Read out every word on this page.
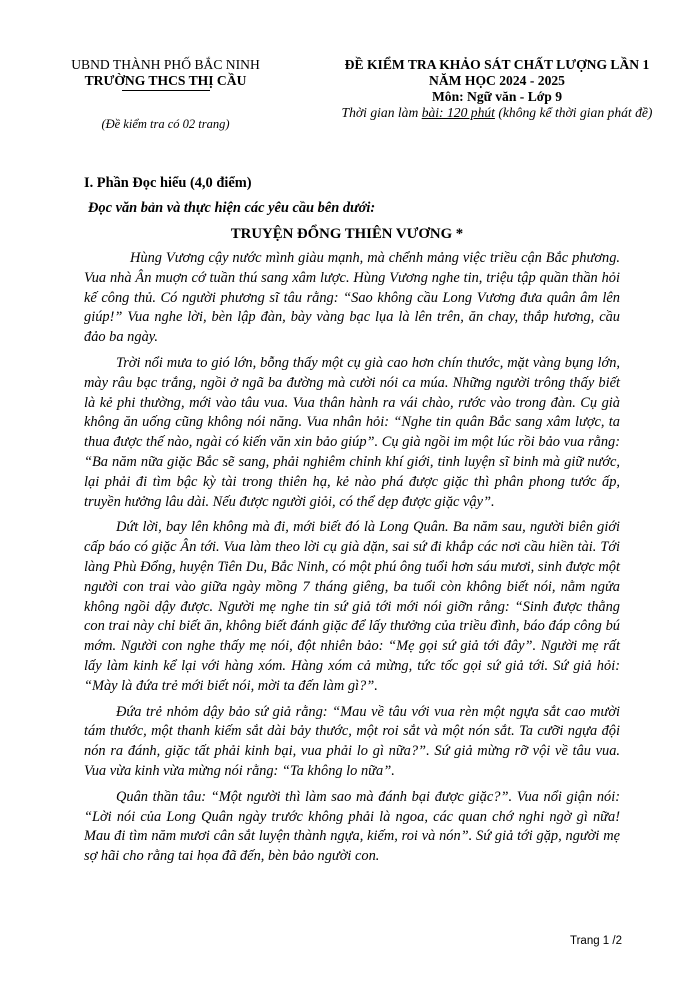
UBND THÀNH PHỐ BẮC NINH
TRƯỜNG THCS THỊ CẦU
(Đề kiểm tra có 02 trang)
ĐỀ KIỂM TRA KHẢO SÁT CHẤT LƯỢNG LẦN 1
NĂM HỌC 2024 - 2025
Môn: Ngữ văn - Lớp 9
Thời gian làm bài: 120 phút (không kể thời gian phát đề)
I. Phần Đọc hiểu (4,0 điểm)
Đọc văn bản và thực hiện các yêu cầu bên dưới:
TRUYỆN ĐỔNG THIÊN VƯƠNG *

Hùng Vương cậy nước mình giàu mạnh, mà chểnh mảng việc triều cận Bắc phương. Vua nhà Ân muợn cớ tuần thú sang xâm lược. Hùng Vương nghe tin, triệu tập quần thần hỏi kế công thủ. Có người phương sĩ tâu rằng: “Sao không cầu Long Vương đưa quân âm lên giúp!” Vua nghe lời, bèn lập đàn, bày vàng bạc lụa là lên trên, ăn chay, thắp hương, cầu đảo ba ngày.

Trời nổi mưa to gió lớn, bỗng thấy một cụ già cao hơn chín thước, mặt vàng bụng lớn, mày râu bạc trắng, ngồi ở ngã ba đường mà cười nói ca múa. Những người trông thấy biết là kẻ phi thường, mới vào tâu vua. Vua thân hành ra vái chào, rước vào trong đàn. Cụ già không ăn uống cũng không nói năng. Vua nhân hỏi: “Nghe tin quân Bắc sang xâm lược, ta thua được thế nào, ngài có kiến văn xin bảo giúp”. Cụ già ngồi im một lúc rồi bảo vua rằng: “Ba năm nữa giặc Bắc sẽ sang, phải nghiêm chỉnh khí giới, tinh luyện sĩ binh mà giữ nước, lại phải đi tìm bậc kỳ tài trong thiên hạ, kẻ nào phá được giặc thì phân phong tước ấp, truyền hưởng lâu dài. Nếu được người giỏi, có thể dẹp được giặc vậy”.

Dứt lời, bay lên không mà đi, mới biết đó là Long Quân. Ba năm sau, người biên giới cấp báo có giặc Ân tới. Vua làm theo lời cụ già dặn, sai sứ đi khắp các nơi cầu hiền tài. Tới làng Phù Đổng, huyện Tiên Du, Bắc Ninh, có một phú ông tuổi hơn sáu mươi, sinh được một người con trai vào giữa ngày mồng 7 tháng giêng, ba tuổi còn không biết nói, nằm ngửa không ngồi dậy được. Người mẹ nghe tin sứ giả tới mới nói giỡn rằng: “Sinh được thằng con trai này chỉ biết ăn, không biết đánh giặc để lấy thưởng của triều đình, báo đáp công bú mớm. Người con nghe thấy mẹ nói, đột nhiên bảo: “Mẹ gọi sứ giả tới đây”. Người mẹ rất lấy làm kinh kể lại với hàng xóm. Hàng xóm cả mừng, tức tốc gọi sứ giả tới. Sứ giả hỏi: “Mày là đứa trẻ mới biết nói, mời ta đến làm gì?”.

Đứa trẻ nhỏm dậy bảo sứ giả rằng: “Mau về tâu với vua rèn một ngựa sắt cao mười tám thước, một thanh kiếm sắt dài bảy thước, một roi sắt và một nón sắt. Ta cưỡi ngựa đội nón ra đánh, giặc tất phải kinh bại, vua phải lo gì nữa?”. Sứ giả mừng rỡ vội về tâu vua. Vua vừa kinh vừa mừng nói rằng: “Ta không lo nữa”.

Quân thần tâu: “Một người thì làm sao mà đánh bại được giặc?”. Vua nổi giận nói: “Lời nói của Long Quân ngày trước không phải là ngoa, các quan chớ nghi ngờ gì nữa! Mau đi tìm năm mươi cân sắt luyện thành ngựa, kiếm, roi và nón”. Sứ giả tới gặp, người mẹ sợ hãi cho rằng tai họa đã đến, bèn bảo người con.

Trang 1 /2
